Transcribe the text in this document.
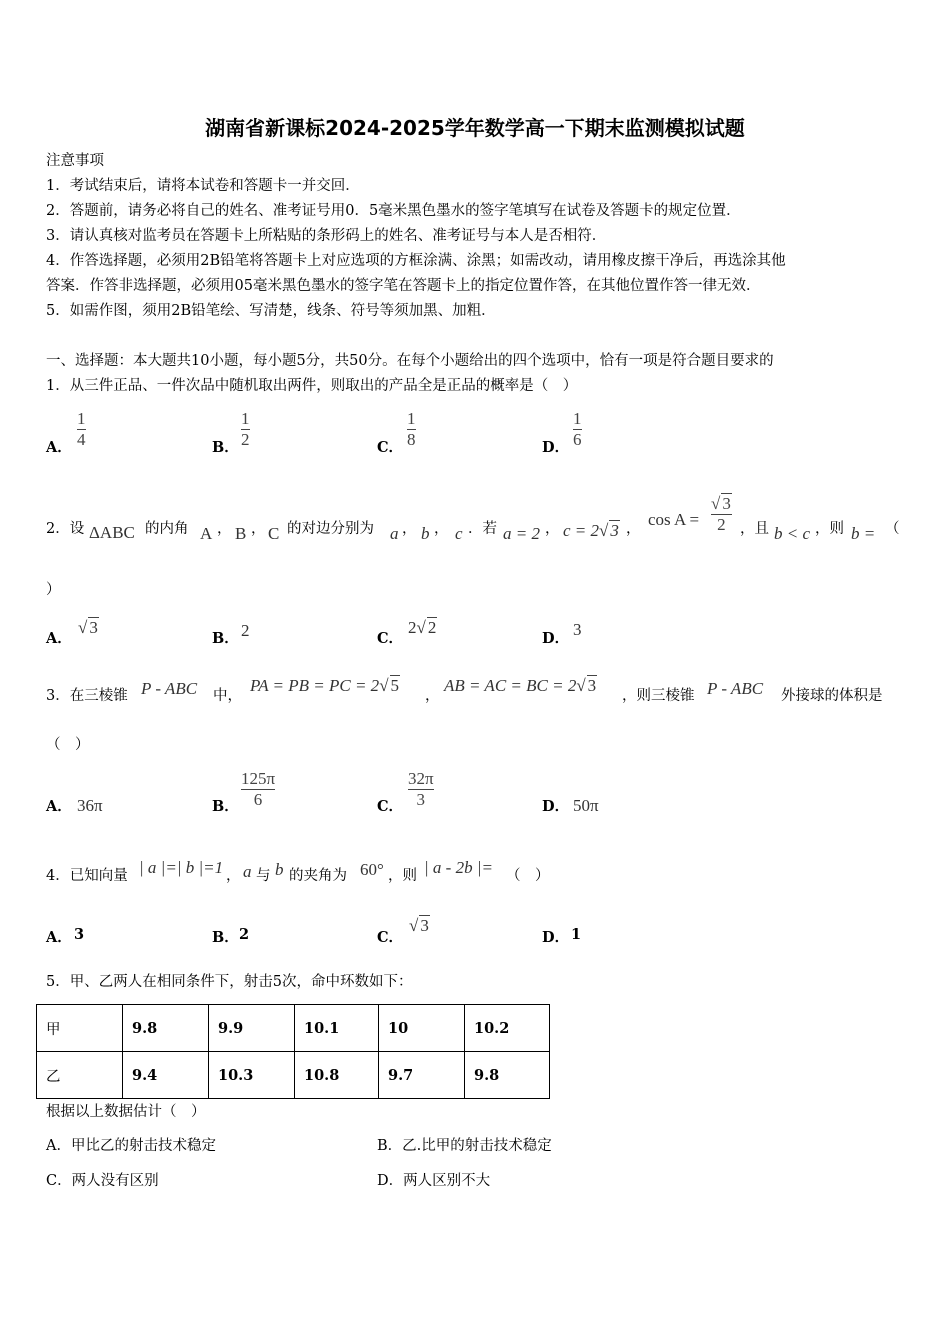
湖南省新课标2024-2025学年数学高一下期末监测模拟试题
注意事项
1．考试结束后，请将本试卷和答题卡一并交回．
2．答题前，请务必将自己的姓名、准考证号用0．5毫米黑色墨水的签字笔填写在试卷及答题卡的规定位置．
3．请认真核对监考员在答题卡上所粘贴的条形码上的姓名、准考证号与本人是否相符．
4．作答选择题，必须用2B铅笔将答题卡上对应选项的方框涂满、涂黑；如需改动，请用橡皮擦干净后，再选涂其他
答案．作答非选择题，必须用05毫米黑色墨水的签字笔在答题卡上的指定位置作答，在其他位置作答一律无效．
5．如需作图，须用2B铅笔绘、写清楚，线条、符号等须加黑、加粗．
一、选择题：本大题共10小题，每小题5分，共50分。在每个小题给出的四个选项中，恰有一项是符合题目要求的
1．从三件正品、一件次品中随机取出两件，则取出的产品全是正品的概率是（　）
A．
1
4	B．
1
2	C．
1
8	D．
1
6
2．设 ΔABC 的内角 A ， B ， C 的对边分别为 a ， b ， c ．若 a = 2 ， c = 2√ 3 ， cos A =
√ 3
2 ，且 b < c ，则 b = （
）
A．
√ 3
B． 2	C．
2√ 2
D． 3
3．在三棱锥 P - ABC 中，
PA = PB = PC = 2√ 5
，
AB = AC = BC = 2√ 3
，则三棱锥 P - ABC 外接球的体积是
（　）
A． 36π	B．
125π
6	C．
32π
3	D． 50π
4．已知向量 | a |=| b |=1 ， a 与 b 的夹角为 60° ，则 | a - 2b |= （　）
A． 3	B． 2	C．
√ 3
D． 1
5．甲、乙两人在相同条件下，射击5次，命中环数如下：
甲	9.8	9.9	10.1	10	10.2
乙	9.4	10.3	10.8	9.7	9.8
根据以上数据估计（　）
A．甲比乙的射击技术稳定	B．乙.比甲的射击技术稳定
C．两人没有区别	D．两人区别不大
